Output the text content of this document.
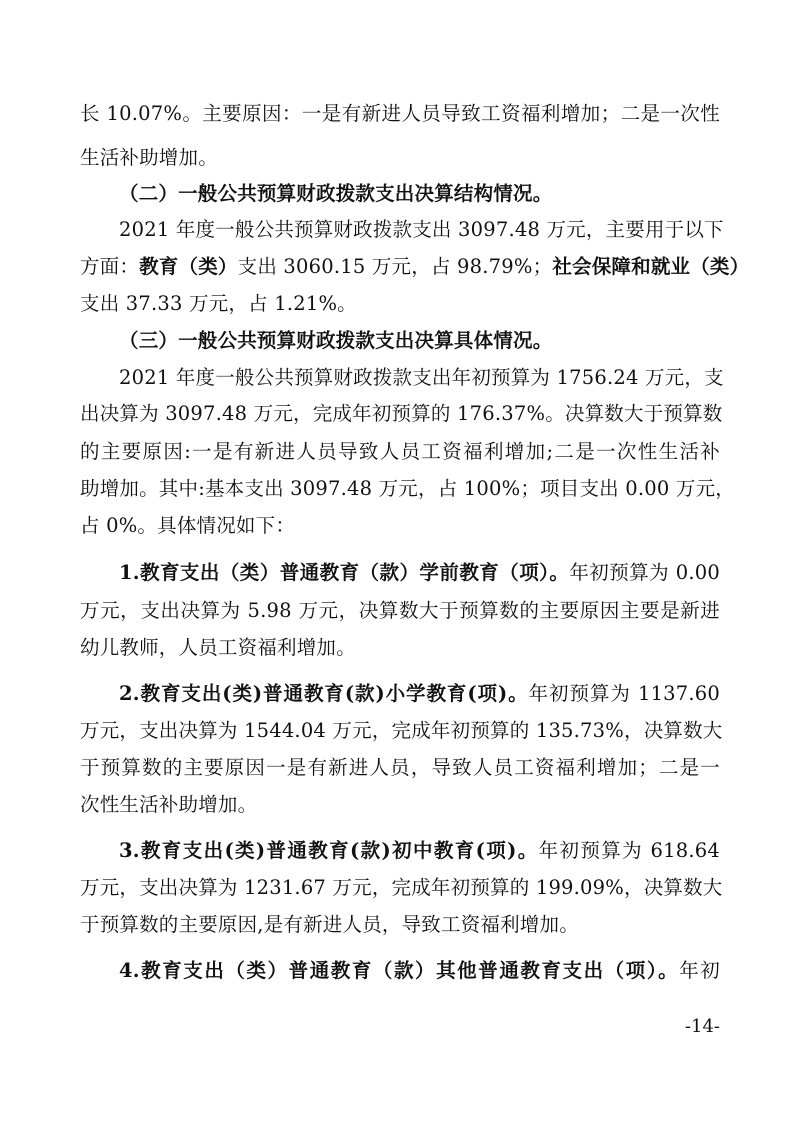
长 10.07%。主要原因：一是有新进人员导致工资福利增加；二是一次性
生活补助增加。
（二）一般公共预算财政拨款支出决算结构情况。
2021 年度一般公共预算财政拨款支出 3097.48 万元，主要用于以下
方面：教育（类）支出 3060.15 万元，占 98.79%；社会保障和就业（类）
支出 37.33 万元，占 1.21%。
（三）一般公共预算财政拨款支出决算具体情况。
2021 年度一般公共预算财政拨款支出年初预算为 1756.24 万元，支
出决算为 3097.48 万元，完成年初预算的 176.37%。决算数大于预算数
的主要原因:一是有新进人员导致人员工资福利增加;二是一次性生活补
助增加。其中:基本支出 3097.48 万元，占 100%；项目支出 0.00 万元，
占 0%。具体情况如下：
1.教育支出（类）普通教育（款）学前教育（项）。年初预算为 0.00
万元，支出决算为 5.98 万元，决算数大于预算数的主要原因主要是新进
幼儿教师，人员工资福利增加。
2.教育支出(类)普通教育(款)小学教育(项)。年初预算为 1137.60
万元，支出决算为 1544.04 万元，完成年初预算的 135.73%，决算数大
于预算数的主要原因一是有新进人员，导致人员工资福利增加；二是一
次性生活补助增加。
3.教育支出(类)普通教育(款)初中教育(项)。年初预算为 618.64
万元，支出决算为 1231.67 万元，完成年初预算的 199.09%，决算数大
于预算数的主要原因,是有新进人员，导致工资福利增加。
4.教育支出（类）普通教育（款）其他普通教育支出（项）。年初
-14-
